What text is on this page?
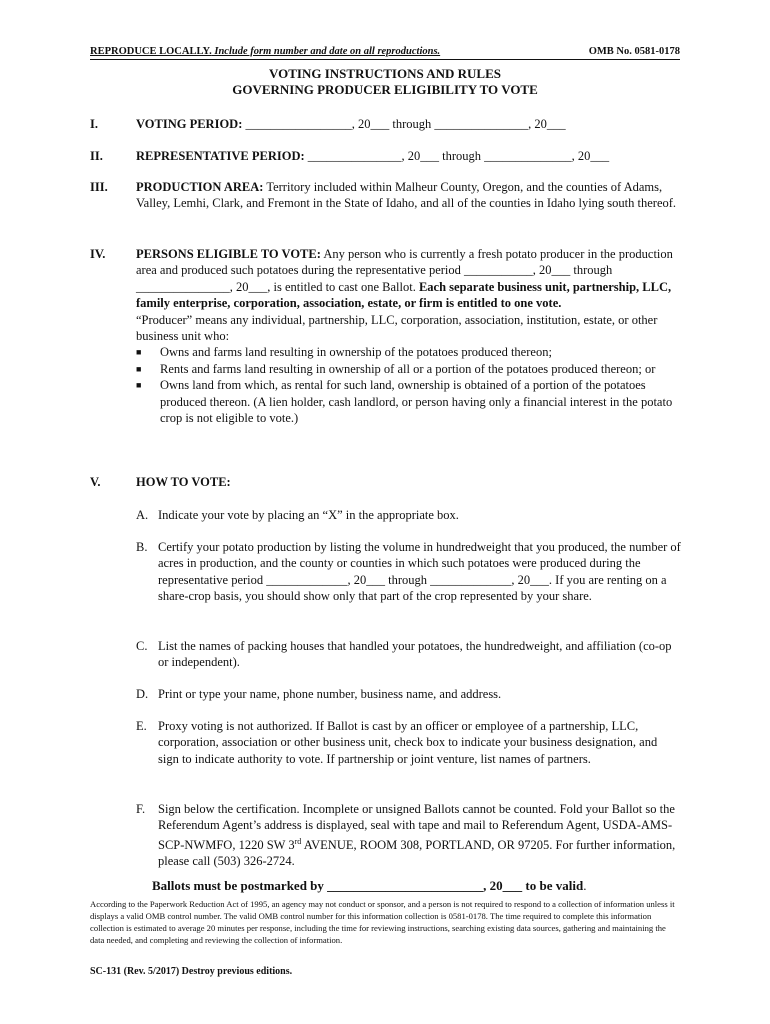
REPRODUCE LOCALLY. Include form number and date on all reproductions.	OMB No. 0581-0178
VOTING INSTRUCTIONS AND RULES
GOVERNING PRODUCER ELIGIBILITY TO VOTE
I.	VOTING PERIOD: _________________, 20___ through _______________, 20___
II.	REPRESENTATIVE PERIOD: _______________, 20___ through ______________, 20___
III. PRODUCTION AREA: Territory included within Malheur County, Oregon, and the counties of Adams, Valley, Lemhi, Clark, and Fremont in the State of Idaho, and all of the counties in Idaho lying south thereof.
IV. PERSONS ELIGIBLE TO VOTE: Any person who is currently a fresh potato producer in the production area and produced such potatoes during the representative period ___________, 20___ through _______________, 20___, is entitled to cast one Ballot. Each separate business unit, partnership, LLC, family enterprise, corporation, association, estate, or firm is entitled to one vote.
“Producer” means any individual, partnership, LLC, corporation, association, institution, estate, or other business unit who:
■ Owns and farms land resulting in ownership of the potatoes produced thereon;
■ Rents and farms land resulting in ownership of all or a portion of the potatoes produced thereon; or
■ Owns land from which, as rental for such land, ownership is obtained of a portion of the potatoes produced thereon. (A lien holder, cash landlord, or person having only a financial interest in the potato crop is not eligible to vote.)
V.	HOW TO VOTE:
A. Indicate your vote by placing an “X” in the appropriate box.
B. Certify your potato production by listing the volume in hundredweight that you produced, the number of acres in production, and the county or counties in which such potatoes were produced during the representative period _____________, 20___ through _____________, 20___. If you are renting on a share-crop basis, you should show only that part of the crop represented by your share.
C. List the names of packing houses that handled your potatoes, the hundredweight, and affiliation (co-op or independent).
D. Print or type your name, phone number, business name, and address.
E. Proxy voting is not authorized. If Ballot is cast by an officer or employee of a partnership, LLC, corporation, association or other business unit, check box to indicate your business designation, and sign to indicate authority to vote. If partnership or joint venture, list names of partners.
F.	Sign below the certification. Incomplete or unsigned Ballots cannot be counted. Fold your Ballot so the Referendum Agent’s address is displayed, seal with tape and mail to Referendum Agent, USDA-AMS-SCP-NWMFO, 1220 SW 3rd AVENUE, ROOM 308, PORTLAND, OR 97205. For further information, please call (503) 326-2724.
Ballots must be postmarked by ________________________, 20___ to be valid.
According to the Paperwork Reduction Act of 1995, an agency may not conduct or sponsor, and a person is not required to respond to a collection of information unless it displays a valid OMB control number. The valid OMB control number for this information collection is 0581-0178. The time required to complete this information collection is estimated to average 20 minutes per response, including the time for reviewing instructions, searching existing data sources, gathering and maintaining the data needed, and completing and reviewing the collection of information.
SC-131 (Rev. 5/2017) Destroy previous editions.
